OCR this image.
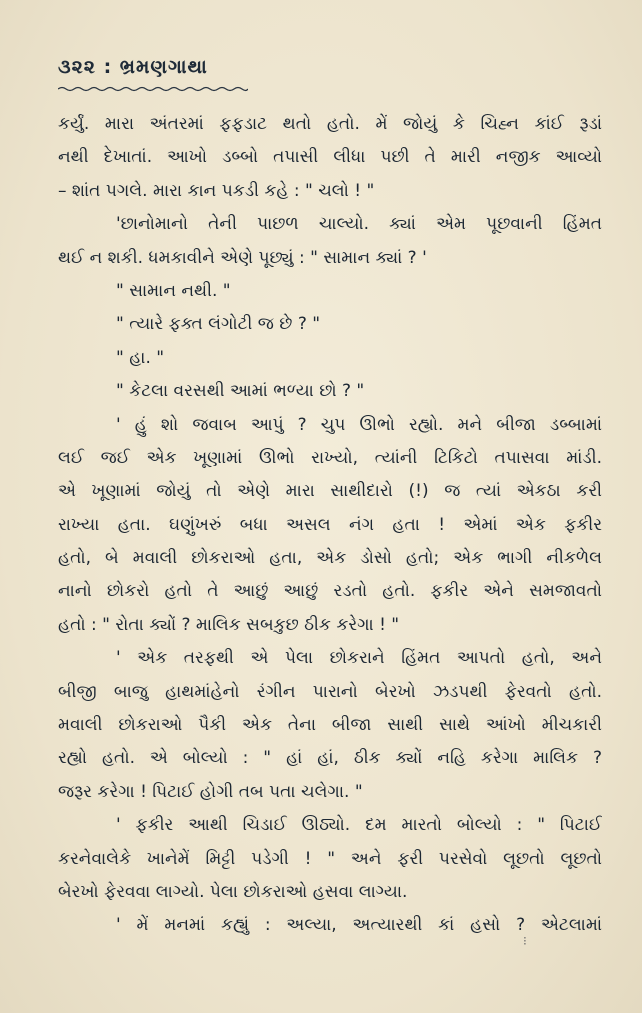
૩૨૨ : ભ્રમણગાથા
કર્યું. મારા અંતરમાં ફફડાટ થતો હતો. મેં જોયું કે ચિહ્ન કાંઈ રૂડાં
નથી દેખાતાં. આખો ડબ્બો તપાસી લીધા પછી તે મારી નજીક આવ્યો
– શાંત પગલે. મારા કાન પકડી કહે : " ચલો ! "
'છાનોમાનો તેની પાછળ ચાલ્યો. ક્યાં એમ પૂછવાની હિંમત
થઈ ન શકી. ધમકાવીને એણે પૂછ્યું : " સામાન ક્યાં ? '
" સામાન નથી. "
" ત્યારે ફક્ત લંગોટી જ છે ? "
" હા. "
" કેટલા વરસથી આમાં ભળ્યા છો ? "
' હું શો જવાબ આપું ? ચુપ ઊભો રહ્યો. મને બીજા ડબ્બામાં
લઈ જઈ એક ખૂણામાં ઊભો રાખ્યો, ત્યાંની ટિકિટો તપાસવા માંડી.
એ ખૂણામાં જોયું તો એણે મારા સાથીદારો (!) જ ત્યાં એકઠા કરી
રાખ્યા હતા. ઘણુંખરું બધા અસલ નંગ હતા ! એમાં એક ફકીર
હતો, બે મવાલી છોકરાઓ હતા, એક ડોસો હતો; એક ભાગી નીકળેલ
નાનો છોકરો હતો તે આછું આછું રડતો હતો. ફકીર એને સમજાવતો
હતો : " રોતા ક્યોં ? માલિક સબકુછ ઠીક કરેગા ! "
' એક તરફથી એ પેલા છોકરાને હિંમત આપતો હતો, અને
બીજી બાજુ હાથમાંહેનો રંગીન પારાનો બેરખો ઝડપથી ફેરવતો હતો.
મવાલી છોકરાઓ પૈકી એક તેના બીજા સાથી સાથે આંખો મીચકારી
રહ્યો હતો. એ બોલ્યો : " હાં હાં, ઠીક ક્યોં નહિ કરેગા માલિક ?
જરૂર કરેગા ! પિટાઈ હોગી તબ પતા ચલેગા. "
' ફકીર આથી ચિડાઈ ઊઠ્યો. દમ મારતો બોલ્યો : " પિટાઈ
કરનેવાલેકે ખાનેમેં મિટ્ટી પડેગી ! " અને ફરી પરસેવો લૂછતો લૂછતો
બેરખો ફેરવવા લાગ્યો. પેલા છોકરાઓ હસવા લાગ્યા.
' મેં મનમાં કહ્યું : અલ્યા, અત્યારથી કાં હસો ? એટલામાં
⁝
